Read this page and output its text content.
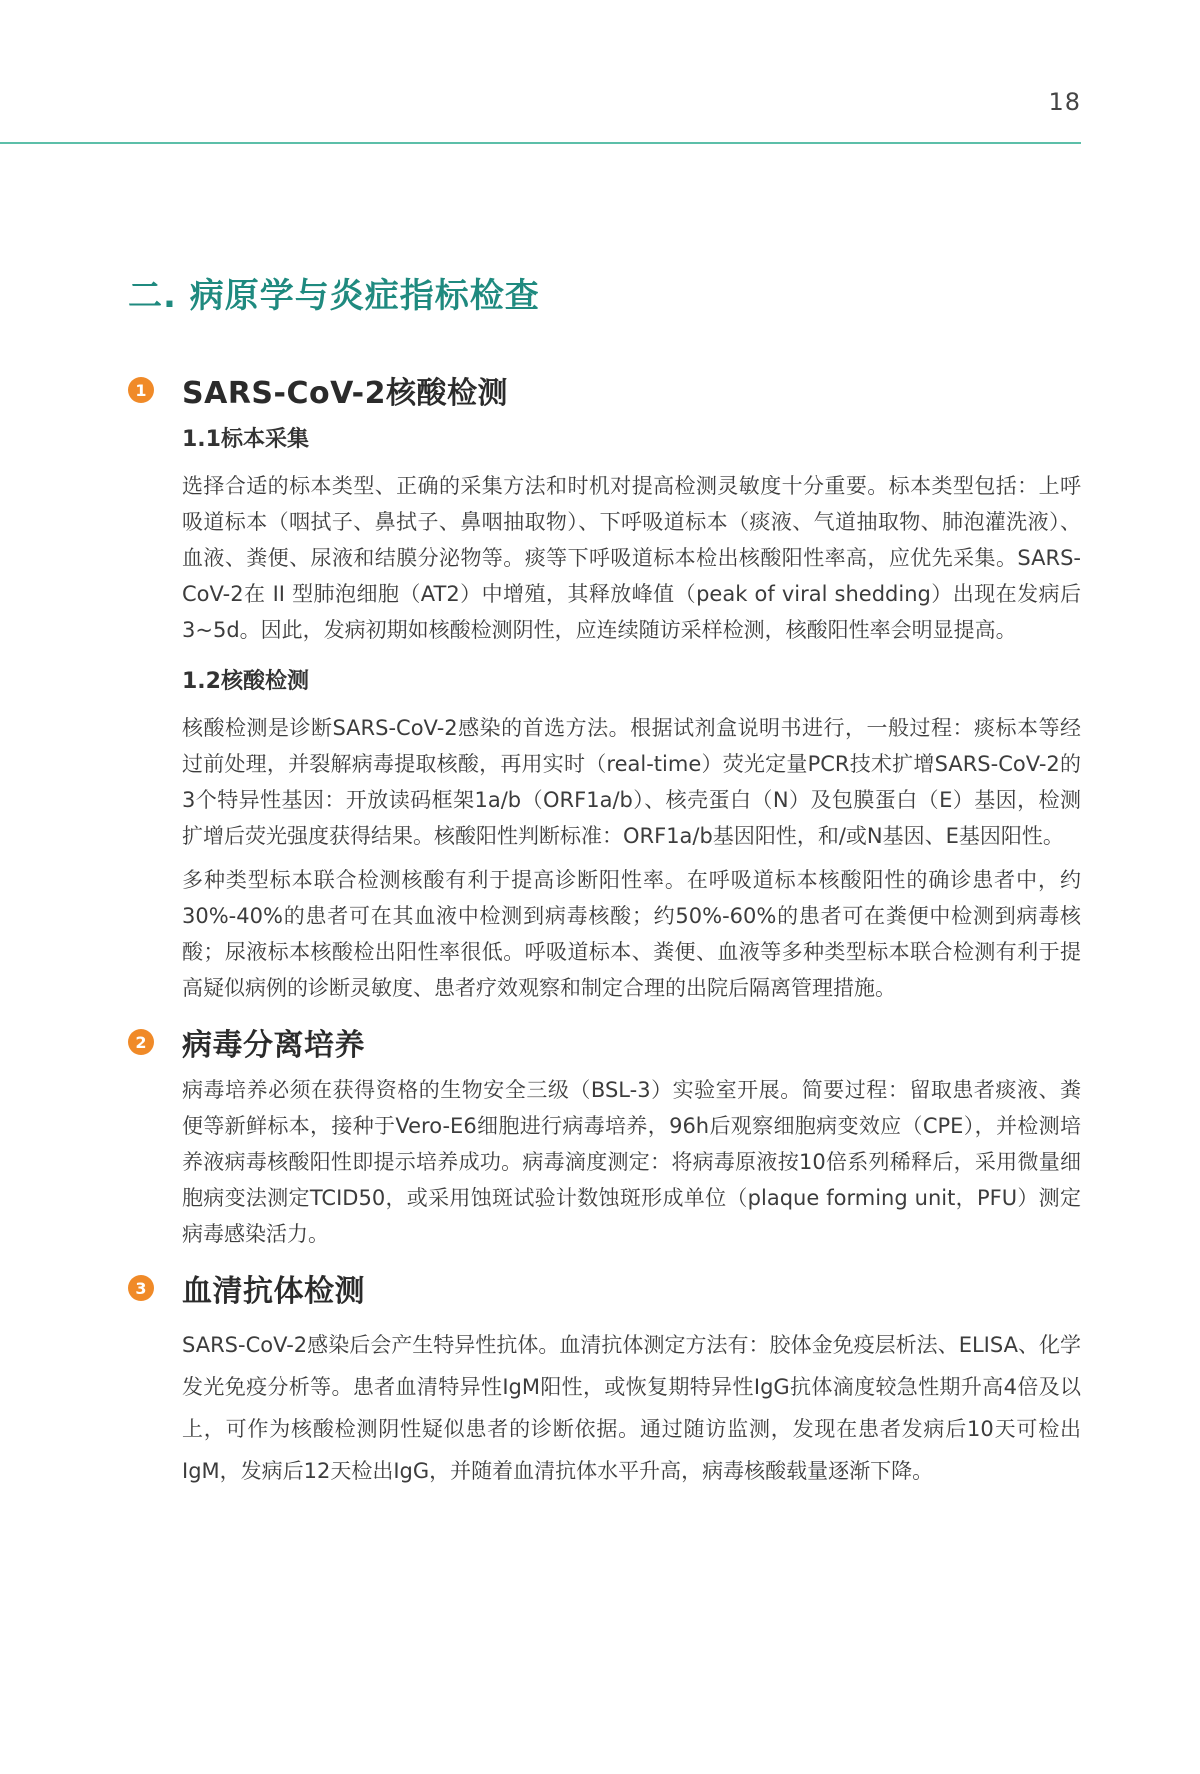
18
二. 病原学与炎症指标检查
1 SARS-CoV-2核酸检测
1.1标本采集

选择合适的标本类型、正确的采集方法和时机对提高检测灵敏度十分重要。标本类型包括：上呼吸道标本（咽拭子、鼻拭子、鼻咽抽取物）、下呼吸道标本（痰液、气道抽取物、肺泡灌洗液）、血液、粪便、尿液和结膜分泌物等。痰等下呼吸道标本检出核酸阳性率高，应优先采集。SARS-CoV-2在 II 型肺泡细胞（AT2）中增殖，其释放峰值（peak of viral shedding）出现在发病后3~5d。因此，发病初期如核酸检测阴性，应连续随访采样检测，核酸阳性率会明显提高。

1.2核酸检测

核酸检测是诊断SARS-CoV-2感染的首选方法。根据试剂盒说明书进行，一般过程：痰标本等经过前处理，并裂解病毒提取核酸，再用实时（real-time）荧光定量PCR技术扩增SARS-CoV-2的3个特异性基因：开放读码框架1a/b（ORF1a/b）、核壳蛋白（N）及包膜蛋白（E）基因，检测扩增后荧光强度获得结果。核酸阳性判断标准：ORF1a/b基因阳性，和/或N基因、E基因阳性。

多种类型标本联合检测核酸有利于提高诊断阳性率。在呼吸道标本核酸阳性的确诊患者中，约30%-40%的患者可在其血液中检测到病毒核酸；约50%-60%的患者可在粪便中检测到病毒核酸；尿液标本核酸检出阳性率很低。呼吸道标本、粪便、血液等多种类型标本联合检测有利于提高疑似病例的诊断灵敏度、患者疗效观察和制定合理的出院后隔离管理措施。

2 病毒分离培养

病毒培养必须在获得资格的生物安全三级（BSL-3）实验室开展。简要过程：留取患者痰液、粪便等新鲜标本，接种于Vero-E6细胞进行病毒培养，96h后观察细胞病变效应（CPE），并检测培养液病毒核酸阳性即提示培养成功。病毒滴度测定：将病毒原液按10倍系列稀释后，采用微量细胞病变法测定TCID50，或采用蚀斑试验计数蚀斑形成单位（plaque forming unit，PFU）测定病毒感染活力。

3 血清抗体检测

SARS-CoV-2感染后会产生特异性抗体。血清抗体测定方法有：胶体金免疫层析法、ELISA、化学发光免疫分析等。患者血清特异性IgM阳性，或恢复期特异性IgG抗体滴度较急性期升高4倍及以上，可作为核酸检测阴性疑似患者的诊断依据。通过随访监测，发现在患者发病后10天可检出IgM，发病后12天检出IgG，并随着血清抗体水平升高，病毒核酸载量逐渐下降。
